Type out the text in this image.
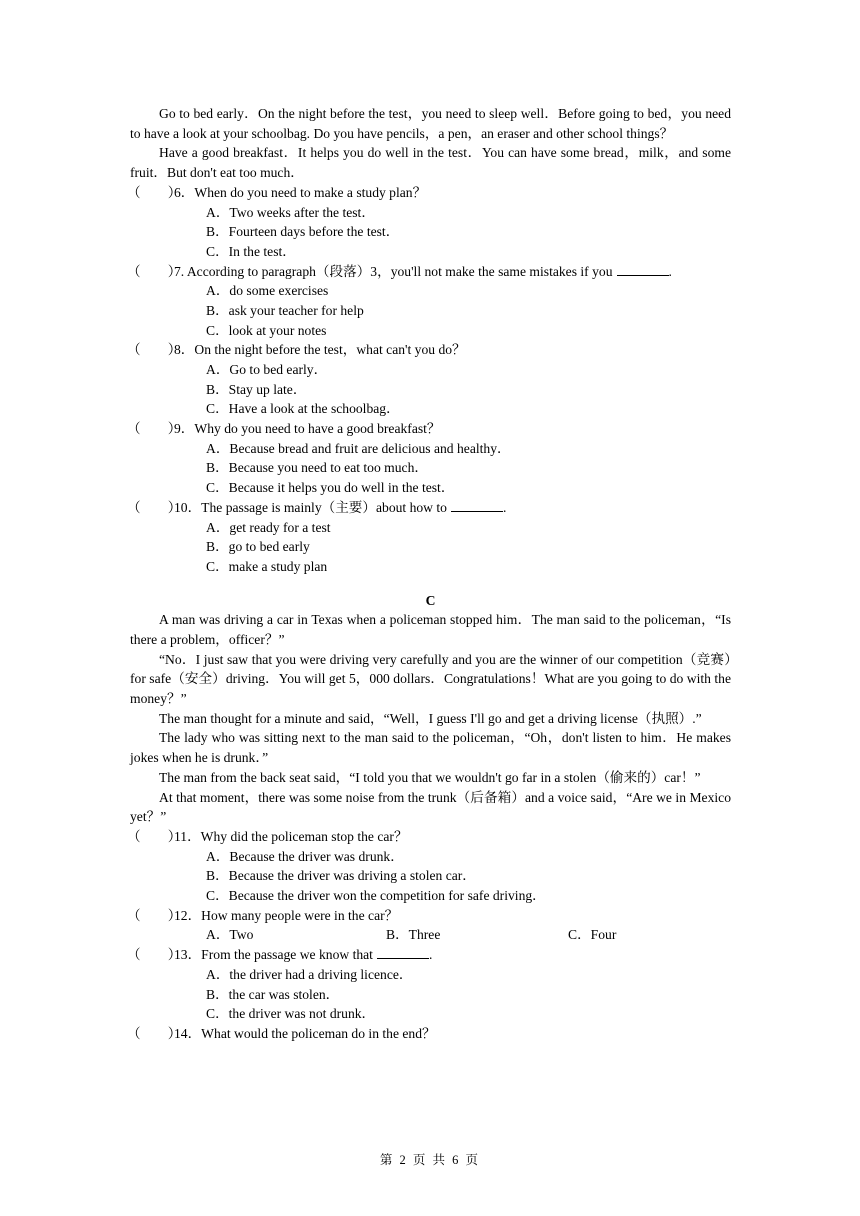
Go to bed early．On the night before the test，you need to sleep well．Before going to bed，you need to have a look at your schoolbag. Do you have pencils，a pen，an eraser and other school things？

Have a good breakfast．It helps you do well in the test．You can have some bread，milk，and some fruit．But don't eat too much．

（　　）
6．When do you need to make a study plan？
A．Two weeks after the test．
B．Fourteen days before the test．
C．In the test．
（　　）
7. According to paragraph（段落）3，you'll not make the same mistakes if you	.
A．do some exercises
B．ask your teacher for help
C．look at your notes
（　　）
8．On the night before the test，what can't you do？
A．Go to bed early．
B．Stay up late．
C．Have a look at the schoolbag．
（　　）
9．Why do you need to have a good breakfast？
A．Because bread and fruit are delicious and healthy．
B．Because you need to eat too much．
C．Because it helps you do well in the test．
（　　）
10．The passage is mainly（主要）about how to	.
A．get ready for a test
B．go to bed early
C．make a study plan
C

A man was driving a car in Texas when a policeman stopped him．The man said to the policeman，“Is there a problem，officer？”

“No．I just saw that you were driving very carefully and you are the winner of our competition（竞赛）for safe（安全）driving．You will get 5，000 dollars．Congratulations！What are you going to do with the money？”

The man thought for a minute and said，“Well，I guess I'll go and get a driving license（执照）.”

The lady who was sitting next to the man said to the policeman，“Oh，don't listen to him．He makes jokes when he is drunk．”

The man from the back seat said，“I told you that we wouldn't go far in a stolen（偷来的）car！”

At that moment，there was some noise from the trunk（后备箱）and a voice said，“Are we in Mexico yet？”

（　　）
11．Why did the policeman stop the car？
A．Because the driver was drunk．
B．Because the driver was driving a stolen car．
C．Because the driver won the competition for safe driving．
（　　）
12．How many people were in the car？
A．Two	B．Three	C．Four
（　　）
13．From the passage we know that	.
A．the driver had a driving licence．
B．the car was stolen．
C．the driver was not drunk．
（　　）
14．What would the policeman do in the end？
第 2 页 共 6 页
